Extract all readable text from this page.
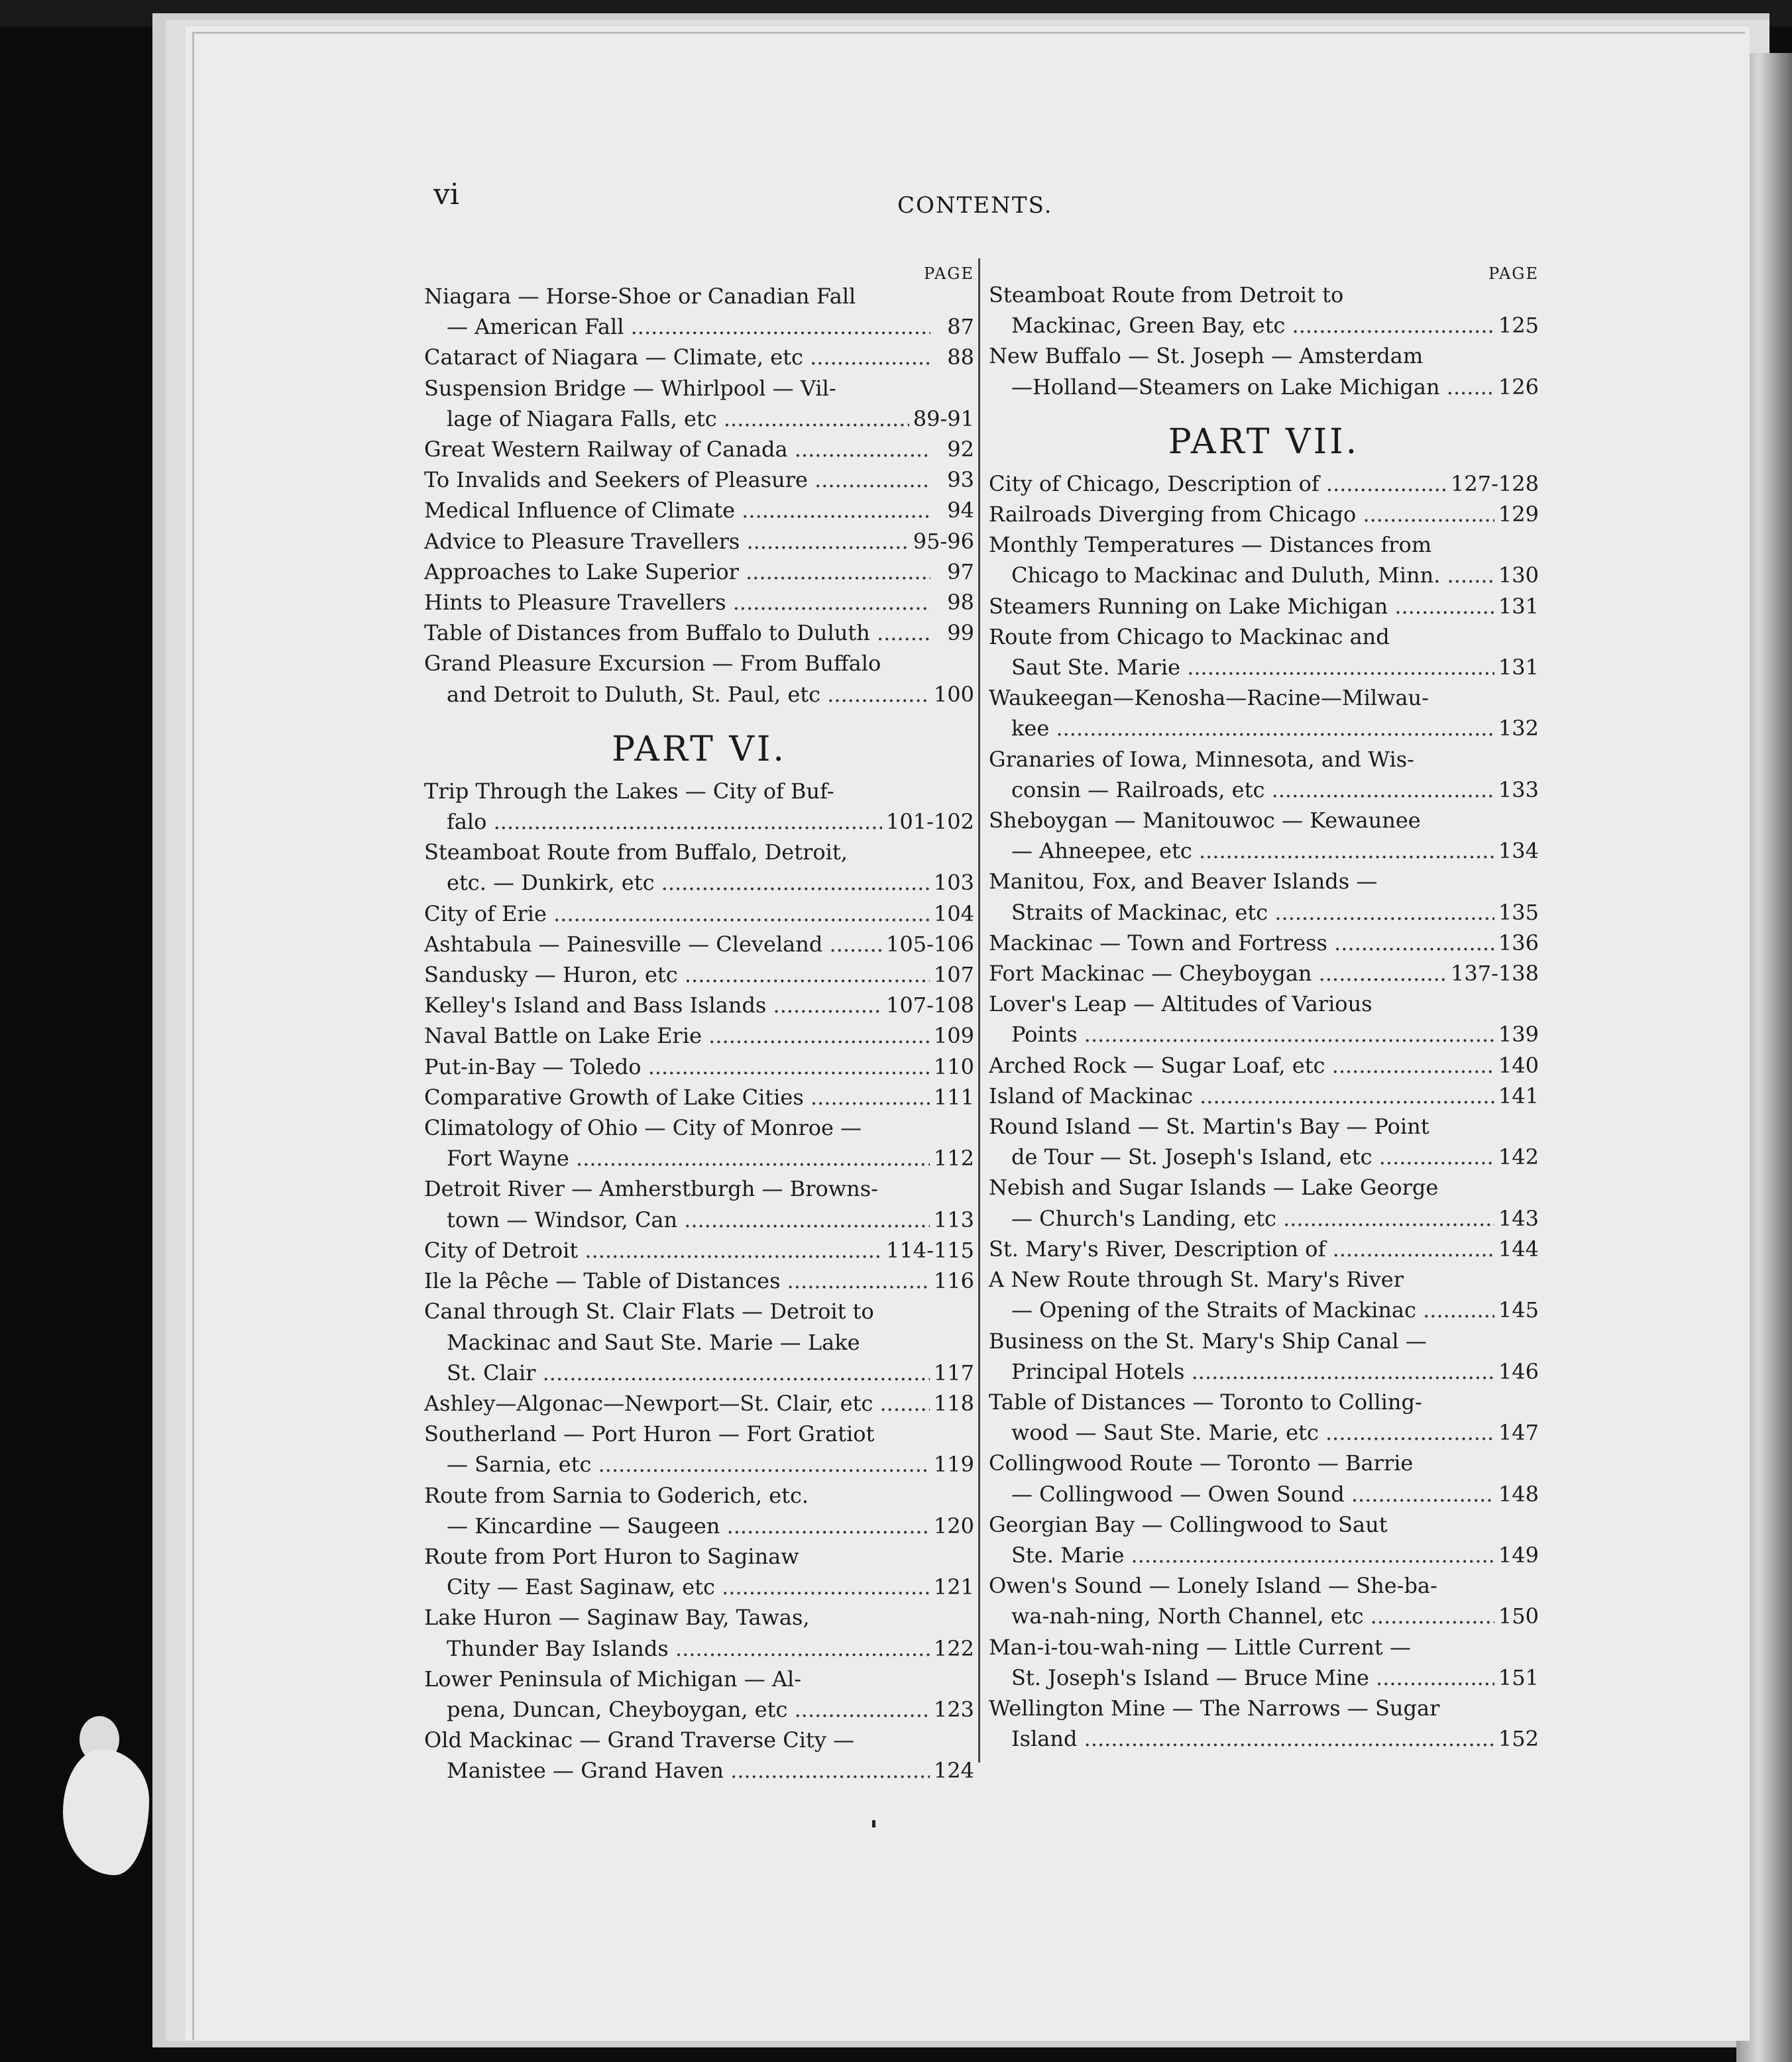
vi	CONTENTS.
PAGE
Niagara — Horse-Shoe or Canadian Fall
— American Fall .....	87
Cataract of Niagara — Climate, etc .....	88
Suspension Bridge — Whirlpool — Vil-
lage of Niagara Falls, etc .....	89-91
Great Western Railway of Canada .....	92
To Invalids and Seekers of Pleasure .....	93
Medical Influence of Climate .....	94
Advice to Pleasure Travellers .....	95-96
Approaches to Lake Superior .....	97
Hints to Pleasure Travellers .....	98
Table of Distances from Buffalo to Duluth .....	99
Grand Pleasure Excursion — From Buffalo
and Detroit to Duluth, St. Paul, etc .....	100
PART VI.
Trip Through the Lakes — City of Buf-
falo .....	101-102
Steamboat Route from Buffalo, Detroit,
etc. — Dunkirk, etc .....	103
City of Erie .....	104
Ashtabula — Painesville — Cleveland .....	105-106
Sandusky — Huron, etc .....	107
Kelley's Island and Bass Islands .....	107-108
Naval Battle on Lake Erie .....	109
Put-in-Bay — Toledo .....	110
Comparative Growth of Lake Cities .....	111
Climatology of Ohio — City of Monroe —
Fort Wayne .....	112
Detroit River — Amherstburgh — Browns-
town — Windsor, Can .....	113
City of Detroit .....	114-115
Ile la Pêche — Table of Distances .....	116
Canal through St. Clair Flats — Detroit to
Mackinac and Saut Ste. Marie — Lake
St. Clair .....	117
Ashley—Algonac—Newport—St. Clair, etc .....	118
Southerland — Port Huron — Fort Gratiot
— Sarnia, etc .....	119
Route from Sarnia to Goderich, etc.
— Kincardine — Saugeen .....	120
Route from Port Huron to Saginaw
City — East Saginaw, etc .....	121
Lake Huron — Saginaw Bay, Tawas,
Thunder Bay Islands .....	122
Lower Peninsula of Michigan — Al-
pena, Duncan, Cheyboygan, etc .....	123
Old Mackinac — Grand Traverse City —
Manistee — Grand Haven .....	124
PAGE
Steamboat Route from Detroit to
Mackinac, Green Bay, etc .....	125
New Buffalo — St. Joseph — Amsterdam
—Holland—Steamers on Lake Michigan .....	126
PART VII.
City of Chicago, Description of .....	127-128
Railroads Diverging from Chicago .....	129
Monthly Temperatures — Distances from
Chicago to Mackinac and Duluth, Minn. .....	130
Steamers Running on Lake Michigan .....	131
Route from Chicago to Mackinac and
Saut Ste. Marie .....	131
Waukeegan—Kenosha—Racine—Milwau-
kee .....	132
Granaries of Iowa, Minnesota, and Wis-
consin — Railroads, etc .....	133
Sheboygan — Manitouwoc — Kewaunee
— Ahneepee, etc .....	134
Manitou, Fox, and Beaver Islands —
Straits of Mackinac, etc .....	135
Mackinac — Town and Fortress .....	136
Fort Mackinac — Cheyboygan .....	137-138
Lover's Leap — Altitudes of Various
Points .....	139
Arched Rock — Sugar Loaf, etc .....	140
Island of Mackinac .....	141
Round Island — St. Martin's Bay — Point
de Tour — St. Joseph's Island, etc .....	142
Nebish and Sugar Islands — Lake George
— Church's Landing, etc .....	143
St. Mary's River, Description of .....	144
A New Route through St. Mary's River
— Opening of the Straits of Mackinac .....	145
Business on the St. Mary's Ship Canal —
Principal Hotels .....	146
Table of Distances — Toronto to Colling-
wood — Saut Ste. Marie, etc .....	147
Collingwood Route — Toronto — Barrie
— Collingwood — Owen Sound .....	148
Georgian Bay — Collingwood to Saut
Ste. Marie .....	149
Owen's Sound — Lonely Island — She-ba-
wa-nah-ning, North Channel, etc .....	150
Man-i-tou-wah-ning — Little Current —
St. Joseph's Island — Bruce Mine .....	151
Wellington Mine — The Narrows — Sugar
Island .....	152
